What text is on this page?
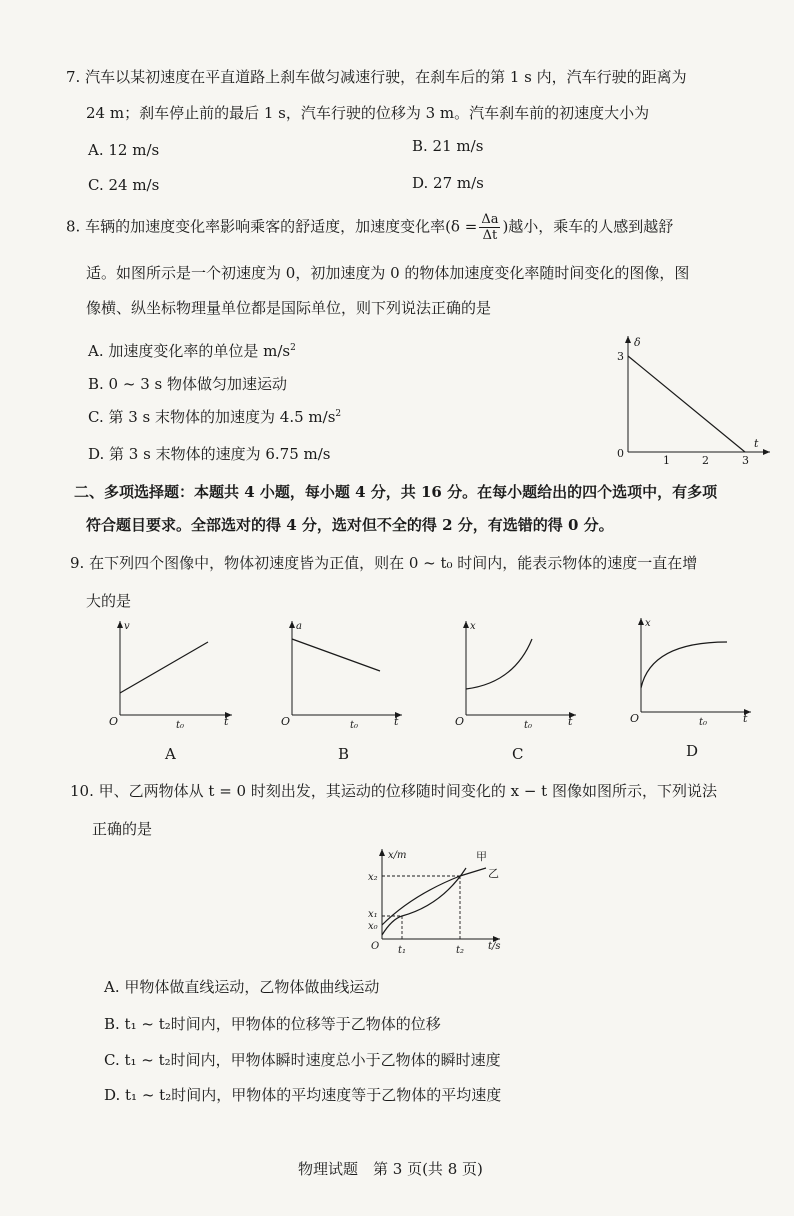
7. 汽车以某初速度在平直道路上刹车做匀减速行驶，在刹车后的第 1 s 内，汽车行驶的距离为
24 m；刹车停止前的最后 1 s，汽车行驶的位移为 3 m。汽车刹车前的初速度大小为
A. 12 m/s	B. 21 m/s
C. 24 m/s	D. 27 m/s
8. 车辆的加速度变化率影响乘客的舒适度，加速度变化率($\delta = \frac{\Delta a}{\Delta t}$ )越小，乘车的人感到越舒
适。如图所示是一个初速度为 0，初加速度为 0 的物体加速度变化率随时间变化的图像，图
像横、纵坐标物理量单位都是国际单位，则下列说法正确的是
A. 加速度变化率的单位是 $m/s^2$
B. 0 ~ 3 s 物体做匀加速运动
C. 第 3 s 末物体的加速度为 4.5 $m/s^2$
D. 第 3 s 末物体的速度为 6.75 m/s
δ
t
0
3
1	2	3
二、多项选择题：本题共 4 小题，每小题 4 分，共 16 分。在每小题给出的四个选项中，有多项
符合题目要求。全部选对的得 4 分，选对但不全的得 2 分，有选错的得 0 分。
9. 在下列四个图像中，物体初速度皆为正值，则在 0 ~ t₀ 时间内，能表示物体的速度一直在增
大的是
v
t
O	t₀
A
a
t
O	t₀
B
x
t
O	t₀
C
x
t
O	t₀
D
10. 甲、乙两物体从 t = 0 时刻出发，其运动的位移随时间变化的 x − t 图像如图所示，下列说法
正确的是
x/m
t/s
O
x₂
x₁
x₀
t₁	t₂
甲
乙
A. 甲物体做直线运动，乙物体做曲线运动
B. t₁ ~ t₂时间内，甲物体的位移等于乙物体的位移
C. t₁ ~ t₂时间内，甲物体瞬时速度总小于乙物体的瞬时速度
D. t₁ ~ t₂时间内，甲物体的平均速度等于乙物体的平均速度
物理试题　第 3 页(共 8 页)
